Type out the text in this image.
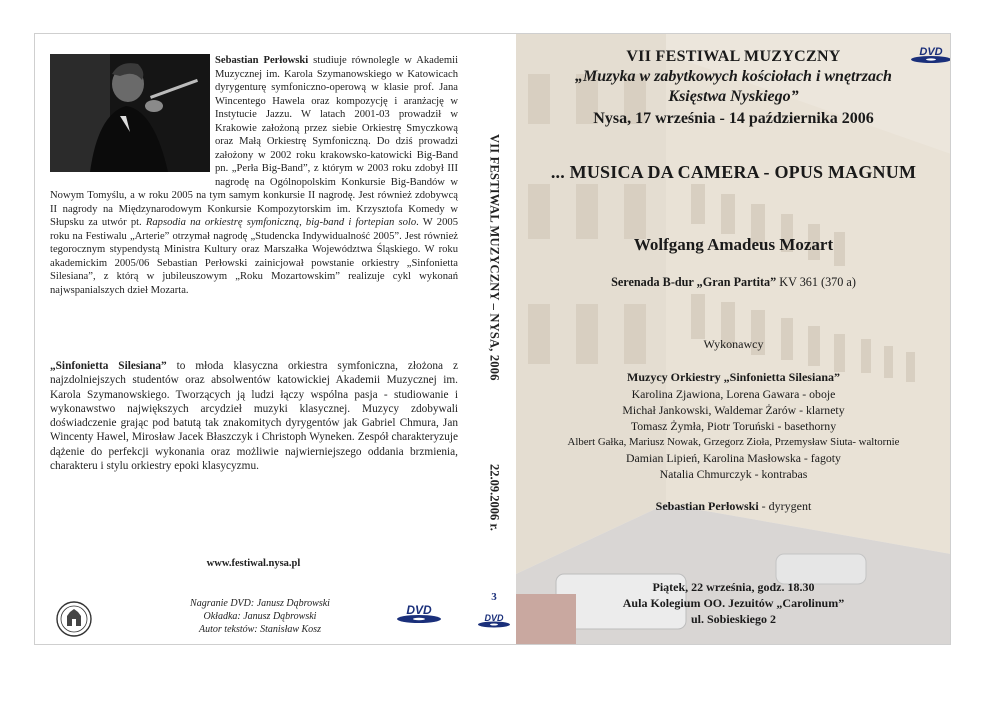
Sebastian Perłowski studiuje równolegle w Akademii Muzycznej im. Karola Szymanowskiego w Katowicach dyrygenturę symfoniczno-operową w klasie prof. Jana Wincentego Hawela oraz kompozycję i aranżację w Instytucie Jazzu. W latach 2001-03 prowadził w Krakowie założoną przez siebie Orkiestrę Smyczkową oraz Małą Orkiestrę Symfoniczną. Do dziś prowadzi założony w 2002 roku krakowsko-katowicki Big-Band pn. „Perła Big-Band”, z którym w 2003 roku zdobył III nagrodę na Ogólnopolskim Konkursie Big-Bandów w Nowym Tomyślu, a w roku 2005 na tym samym konkursie II nagrodę. Jest również zdobywcą II nagrody na Międzynarodowym Konkursie Kompozytorskim im. Krzysztofa Komedy w Słupsku za utwór pt. Rapsodia na orkiestrę symfoniczną, big-band i fortepian solo. W 2005 roku na Festiwalu „Arterie” otrzymał nagrodę „Studencka Indywidualność 2005”. Jest również tegorocznym stypendystą Ministra Kultury oraz Marszałka Województwa Śląskiego. W roku akademickim 2005/06 Sebastian Perłowski zainicjował powstanie orkiestry „Sinfonietta Silesiana”, z którą w jubileuszowym „Roku Mozartowskim” realizuje cykl wykonań najwspanialszych dzieł Mozarta.

„Sinfonietta Silesiana” to młoda klasyczna orkiestra symfoniczna, złożona z najzdolniejszych studentów oraz absolwentów katowickiej Akademii Muzycznej im. Karola Szymanowskiego. Tworzących ją ludzi łączy wspólna pasja - studiowanie i wykonawstwo największych arcydzieł muzyki klasycznej. Muzycy zdobywali doświadczenie grając pod batutą tak znakomitych dyrygentów jak Gabriel Chmura, Jan Wincenty Hawel, Mirosław Jacek Błaszczyk i Christoph Wyneken. Zespół charakteryzuje dążenie do perfekcji wykonania oraz możliwie najwierniejszego oddania brzmienia, charakteru i stylu orkiestry epoki klasycyzmu.

www.festiwal.nysa.pl
Nagranie DVD: Janusz Dąbrowski
Okładka: Janusz Dąbrowski
Autor tekstów: Stanisław Kosz
DVD
VII FESTIWAL MUZYCZNY – NYSA, 2006
22.09.2006 r.
3
DVD
DVD
VII FESTIWAL MUZYCZNY
„Muzyka w zabytkowych kościołach i wnętrzach
Księstwa Nyskiego”
Nysa, 17 września - 14 października 2006
... MUSICA DA CAMERA - OPUS MAGNUM
Wolfgang Amadeus Mozart
Serenada B-dur „Gran Partita” KV 361 (370 a)
Wykonawcy
Muzycy Orkiestry „Sinfonietta Silesiana”
Karolina Zjawiona, Lorena Gawara - oboje
Michał Jankowski, Waldemar Żarów - klarnety
Tomasz Żymła, Piotr Toruński - basethorny
Albert Gałka, Mariusz Nowak, Grzegorz Zioła, Przemysław Siuta- waltornie
Damian Lipień, Karolina Masłowska - fagoty
Natalia Chmurczyk - kontrabas
Sebastian Perłowski - dyrygent
Piątek, 22 września, godz. 18.30
Aula Kolegium OO. Jezuitów „Carolinum”
ul. Sobieskiego 2
